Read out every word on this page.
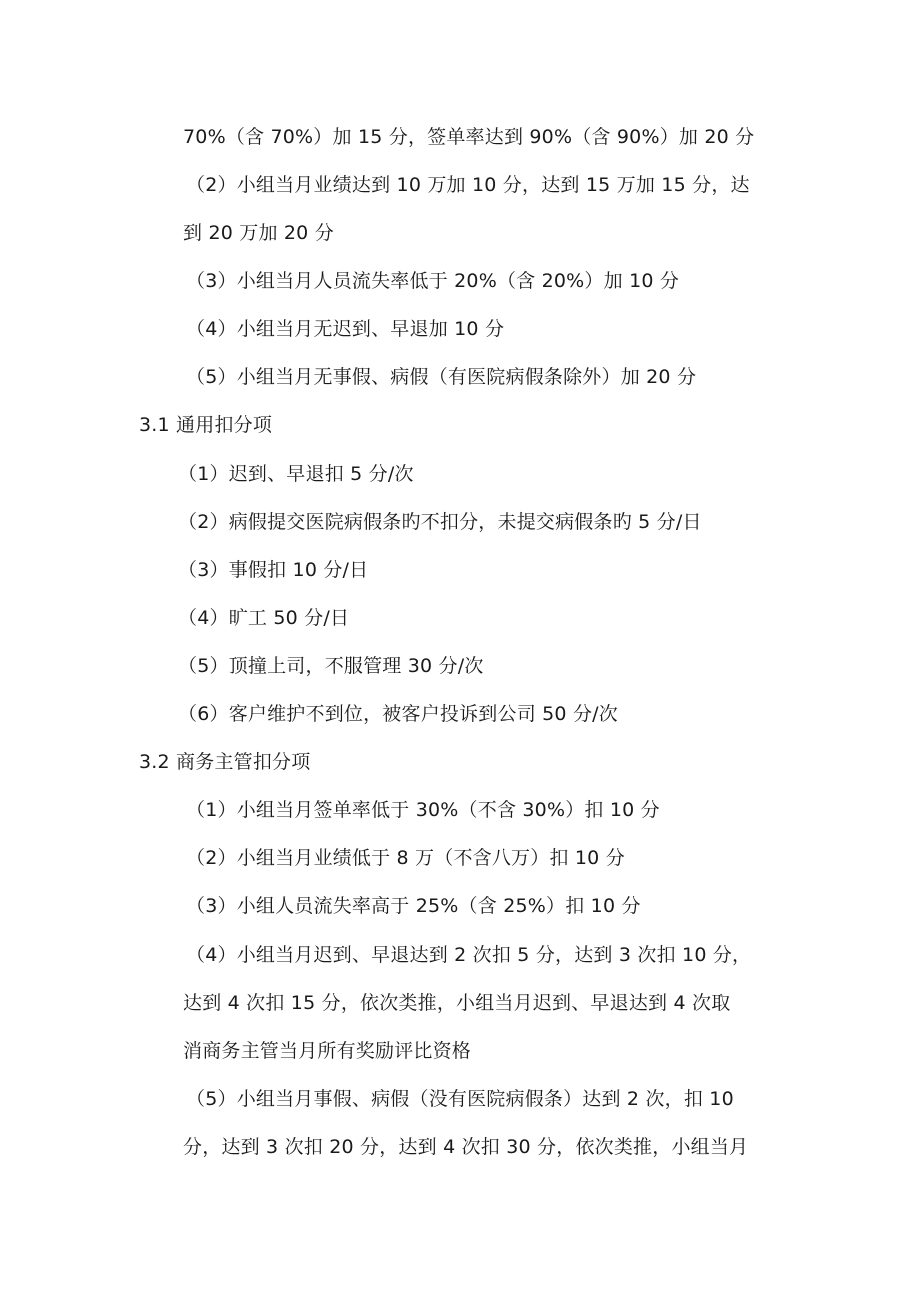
70%（含 70%）加 15 分，签单率达到 90%（含 90%）加 20 分
（2）小组当月业绩达到 10 万加 10 分，达到 15 万加 15 分，达
到 20 万加 20 分
（3）小组当月人员流失率低于 20%（含 20%）加 10 分
（4）小组当月无迟到、早退加 10 分
（5）小组当月无事假、病假（有医院病假条除外）加 20 分
3.1 通用扣分项
（1）迟到、早退扣 5 分/次
（2）病假提交医院病假条旳不扣分，未提交病假条旳 5 分/日
（3）事假扣 10 分/日
（4）旷工 50 分/日
（5）顶撞上司，不服管理 30 分/次
（6）客户维护不到位，被客户投诉到公司 50 分/次
3.2 商务主管扣分项
（1）小组当月签单率低于 30%（不含 30%）扣 10 分
（2）小组当月业绩低于 8 万（不含八万）扣 10 分
（3）小组人员流失率高于 25%（含 25%）扣 10 分
（4）小组当月迟到、早退达到 2 次扣 5 分，达到 3 次扣 10 分，
达到 4 次扣 15 分，依次类推，小组当月迟到、早退达到 4 次取
消商务主管当月所有奖励评比资格
（5）小组当月事假、病假（没有医院病假条）达到 2 次，扣 10
分，达到 3 次扣 20 分，达到 4 次扣 30 分，依次类推，小组当月
